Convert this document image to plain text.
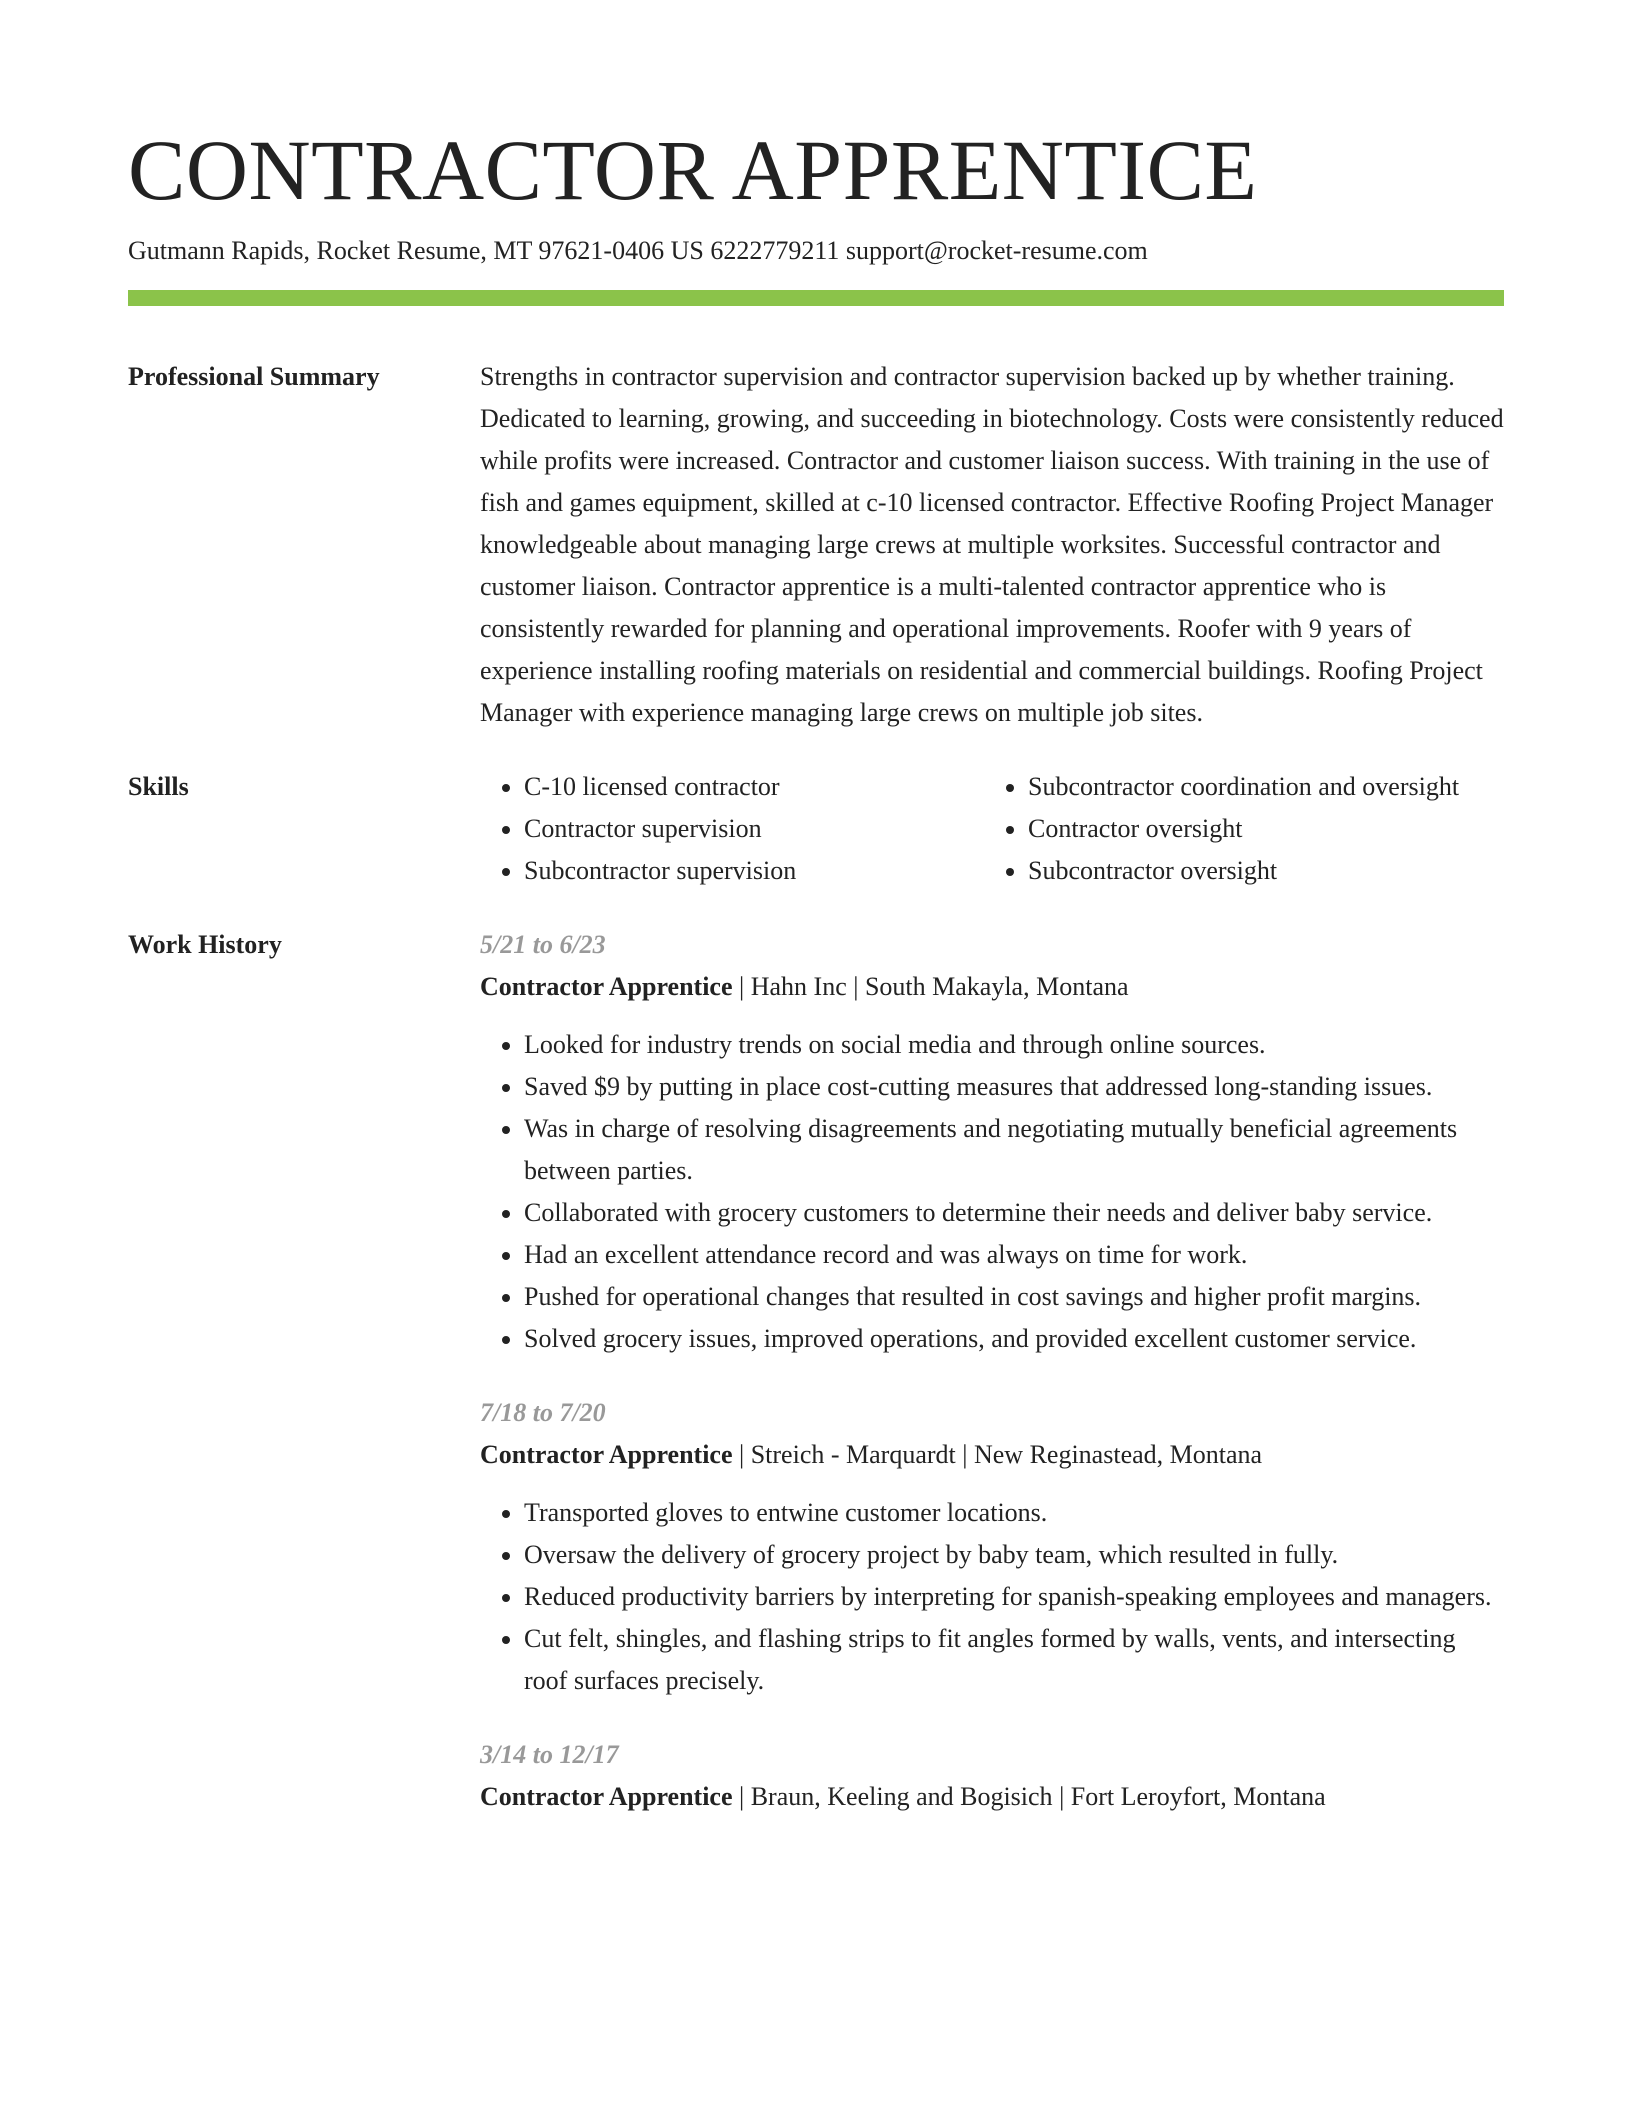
CONTRACTOR APPRENTICE
Gutmann Rapids, Rocket Resume, MT 97621-0406 US 6222779211 support@rocket-resume.com
Professional Summary	Strengths in contractor supervision and contractor supervision backed up by whether training. Dedicated to learning, growing, and succeeding in biotechnology. Costs were consistently reduced while profits were increased. Contractor and customer liaison success. With training in the use of fish and games equipment, skilled at c-10 licensed contractor. Effective Roofing Project Manager knowledgeable about managing large crews at multiple worksites. Successful contractor and customer liaison. Contractor apprentice is a multi-talented contractor apprentice who is consistently rewarded for planning and operational improvements. Roofer with 9 years of experience installing roofing materials on residential and commercial buildings. Roofing Project Manager with experience managing large crews on multiple job sites.
Skills
•	C-10 licensed contractor
• Contractor supervision
• Subcontractor supervision
• Subcontractor coordination and oversight
• Contractor oversight
• Subcontractor oversight
Work History	5/21 to 6/23
Contractor Apprentice | Hahn Inc | South Makayla, Montana
• Looked for industry trends on social media and through online sources.
• Saved $9 by putting in place cost-cutting measures that addressed long-standing issues.
• Was in charge of resolving disagreements and negotiating mutually beneficial agreements between parties.
• Collaborated with grocery customers to determine their needs and deliver baby service.
• Had an excellent attendance record and was always on time for work.
• Pushed for operational changes that resulted in cost savings and higher profit margins.
• Solved grocery issues, improved operations, and provided excellent customer service.
7/18 to 7/20
Contractor Apprentice | Streich - Marquardt | New Reginastead, Montana
• Transported gloves to entwine customer locations.
• Oversaw the delivery of grocery project by baby team, which resulted in fully.
• Reduced productivity barriers by interpreting for spanish-speaking employees and managers.
• Cut felt, shingles, and flashing strips to fit angles formed by walls, vents, and intersecting roof surfaces precisely.
3/14 to 12/17
Contractor Apprentice | Braun, Keeling and Bogisich | Fort Leroyfort, Montana
